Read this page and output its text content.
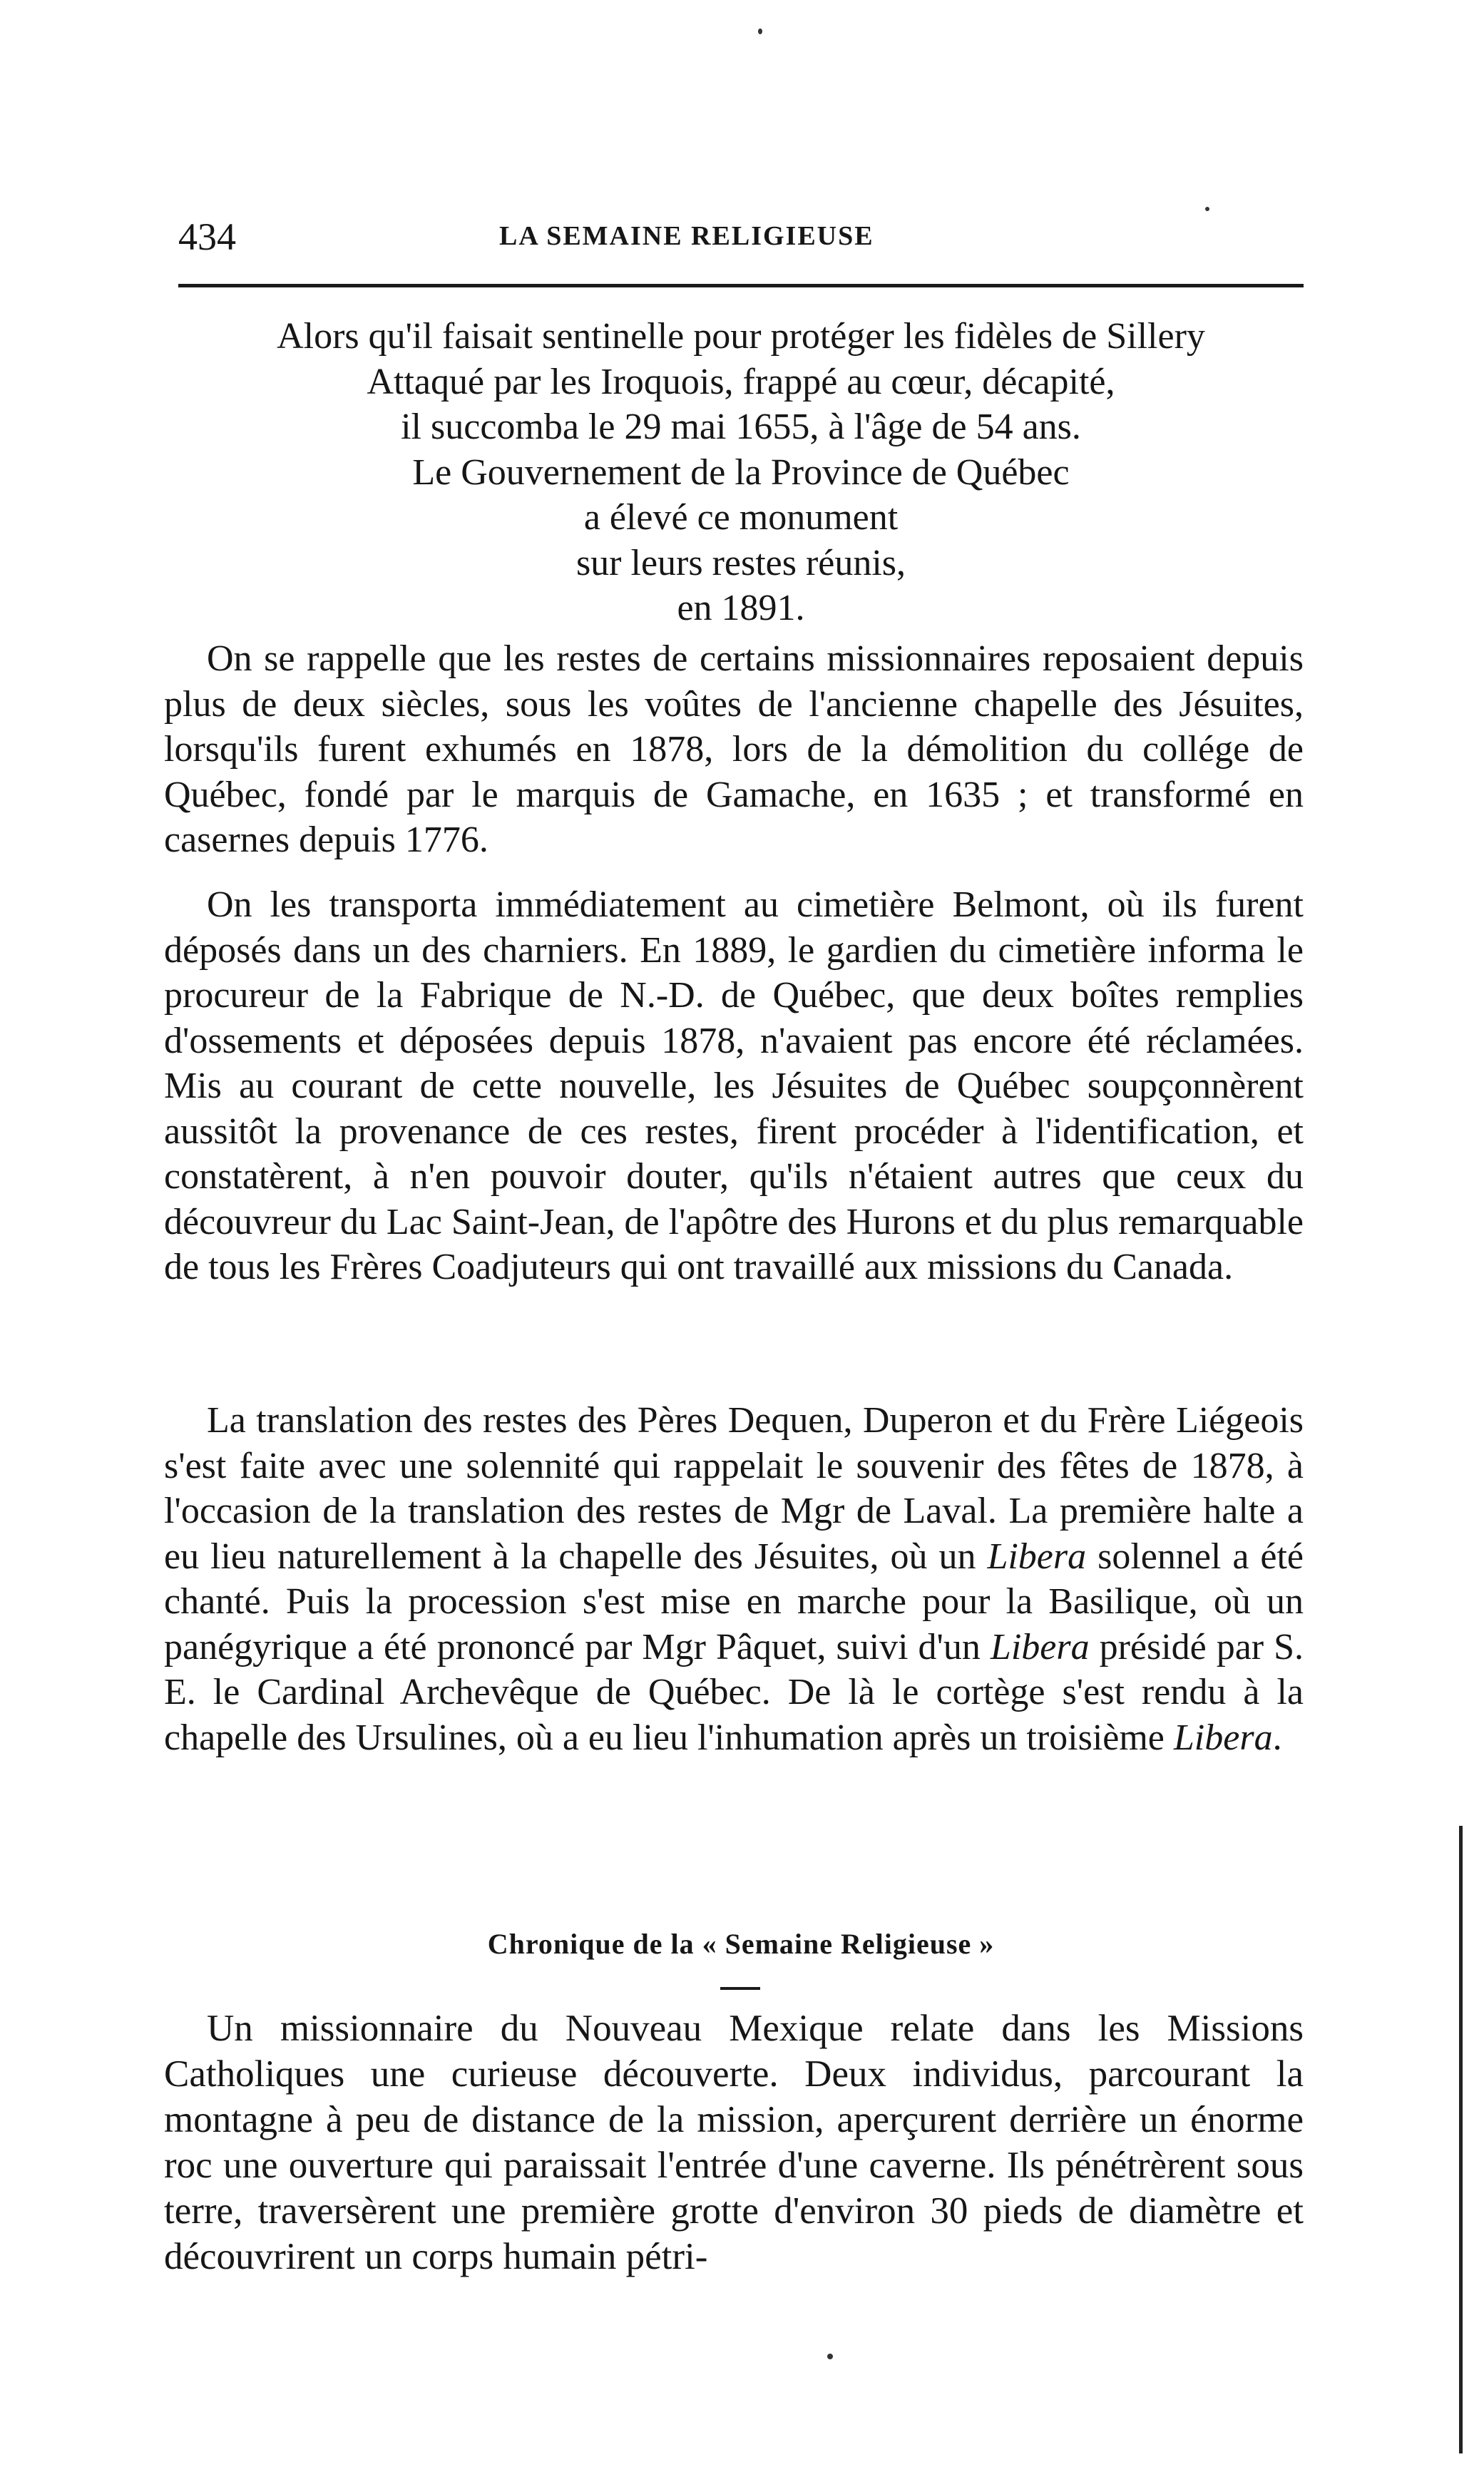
434	LA SEMAINE RELIGIEUSE
Alors qu'il faisait sentinelle pour protéger les fidèles de Sillery
Attaqué par les Iroquois, frappé au cœur, décapité,
il succomba le 29 mai 1655, à l'âge de 54 ans.
Le Gouvernement de la Province de Québec
a élevé ce monument
sur leurs restes réunis,
en 1891.

On se rappelle que les restes de certains missionnaires reposaient depuis plus de deux siècles, sous les voûtes de l'ancienne chapelle des Jésuites, lorsqu'ils furent exhumés en 1878, lors de la démolition du collége de Québec, fondé par le marquis de Gamache, en 1635 ; et transformé en casernes depuis 1776.

On les transporta immédiatement au cimetière Belmont, où ils furent déposés dans un des charniers. En 1889, le gardien du cimetière informa le procureur de la Fabrique de N.-D. de Québec, que deux boîtes remplies d'ossements et déposées depuis 1878, n'avaient pas encore été réclamées. Mis au courant de cette nouvelle, les Jésuites de Québec soupçonnèrent aussitôt la provenance de ces restes, firent procéder à l'identification, et constatèrent, à n'en pouvoir douter, qu'ils n'étaient autres que ceux du découvreur du Lac Saint-Jean, de l'apôtre des Hurons et du plus remarquable de tous les Frères Coadjuteurs qui ont travaillé aux missions du Canada.

La translation des restes des Pères Dequen, Duperon et du Frère Liégeois s'est faite avec une solennité qui rappelait le souvenir des fêtes de 1878, à l'occasion de la translation des restes de Mgr de Laval. La première halte a eu lieu naturellement à la chapelle des Jésuites, où un Libera solennel a été chanté. Puis la procession s'est mise en marche pour la Basilique, où un panégyrique a été prononcé par Mgr Pâquet, suivi d'un Libera présidé par S. E. le Cardinal Archevêque de Québec. De là le cortège s'est rendu à la chapelle des Ursulines, où a eu lieu l'inhumation après un troisième Libera.

Chronique de la « Semaine Religieuse »

Un missionnaire du Nouveau Mexique relate dans les Missions Catholiques une curieuse découverte. Deux individus, parcourant la montagne à peu de distance de la mission, aperçurent derrière un énorme roc une ouverture qui paraissait l'entrée d'une caverne. Ils pénétrèrent sous terre, traversèrent une première grotte d'environ 30 pieds de diamètre et découvrirent un corps humain pétri-
